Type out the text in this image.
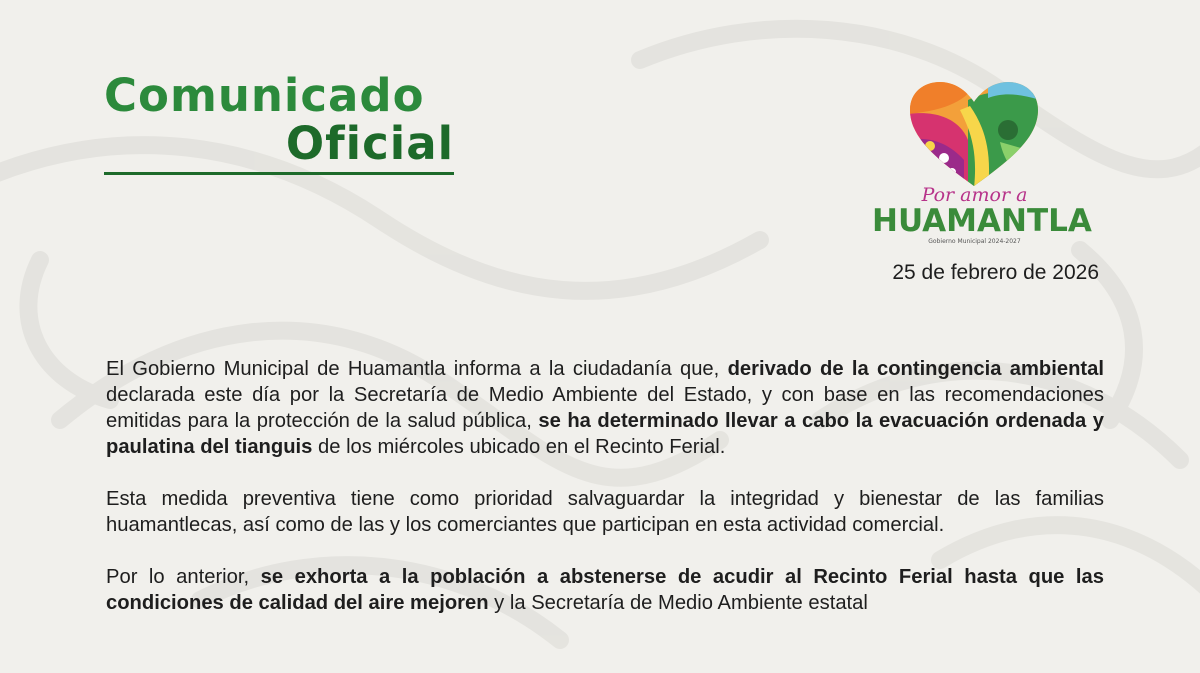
Comunicado
Oficial
Por amor a
HUAMANTLA
Gobierno Municipal 2024-2027
25 de febrero de 2026

El Gobierno Municipal de Huamantla informa a la ciudadanía que, derivado de la contingencia ambiental declarada este día por la Secretaría de Medio Ambiente del Estado, y con base en las recomendaciones emitidas para la protección de la salud pública, se ha determinado llevar a cabo la evacuación ordenada y paulatina del tianguis de los miércoles ubicado en el Recinto Ferial.

Esta medida preventiva tiene como prioridad salvaguardar la integridad y bienestar de las familias huamantlecas, así como de las y los comerciantes que participan en esta actividad comercial.

Por lo anterior, se exhorta a la población a abstenerse de acudir al Recinto Ferial hasta que las condiciones de calidad del aire mejoren y la Secretaría de Medio Ambiente estatal
